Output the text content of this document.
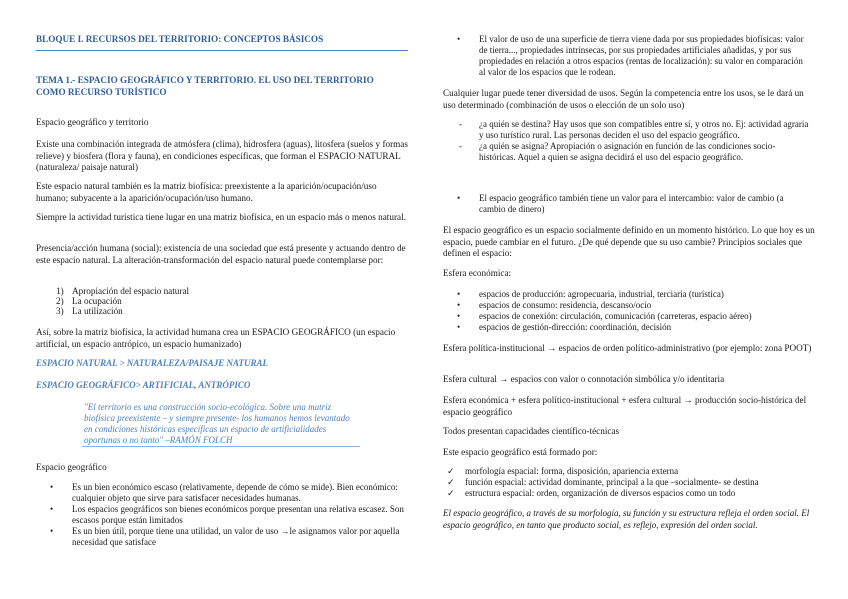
BLOQUE I. RECURSOS DEL TERRITORIO: CONCEPTOS BÁSICOS
TEMA 1.- ESPACIO GEOGRÁFICO Y TERRITORIO. EL USO DEL TERRITORIO COMO RECURSO TURÍSTICO
Espacio geográfico y territorio
Existe una combinación integrada de atmósfera (clima), hidrosfera (aguas), litosfera (suelos y formas relieve) y biosfera (flora y fauna), en condiciones específicas, que forman el ESPACIO NATURAL (naturaleza/ paisaje natural)
Este espacio natural también es la matriz biofísica: preexistente a la aparición/ocupación/uso humano; subyacente a la aparición/ocupación/uso humano.
Siempre la actividad turística tiene lugar en una matriz biofísica, en un espacio más o menos natural.
Presencia/acción humana (social): existencia de una sociedad que está presente y actuando dentro de este espacio natural. La alteración-transformación del espacio natural puede contemplarse por:
1) Apropiación del espacio natural
2) La ocupación
3) La utilización
Así, sobre la matriz biofísica, la actividad humana crea un ESPACIO GEOGRÁFICO (un espacio artificial, un espacio antrópico, un espacio humanizado)
ESPACIO NATURAL > NATURALEZA/PAISAJE NATURAL
ESPACIO GEOGRÁFICO> ARTIFICIAL, ANTRÓPICO
"El territorio es una construcción socio-ecológica. Sobre una matriz biofísica preexistente – y siempre presente- los humanos hemos levantado en condiciones históricas específicas un espacio de artificialidades oportunas o no tanto" –RAMÓN FOLCH
Espacio geográfico
• Es un bien económico escaso (relativamente, depende de cómo se mide). Bien económico: cualquier objeto que sirve para satisfacer necesidades humanas.
• Los espacios geográficos son bienes económicos porque presentan una relativa escasez. Son escasos porque están limitados
• Es un bien útil, porque tiene una utilidad, un valor de uso →le asignamos valor por aquella necesidad que satisface
• El valor de uso de una superficie de tierra viene dada por sus propiedades biofísicas: valor de tierra..., propiedades intrínsecas, por sus propiedades artificiales añadidas, y por sus propiedades en relación a otros espacios (rentas de localización): su valor en comparación al valor de los espacios que le rodean.
Cualquier lugar puede tener diversidad de usos. Según la competencia entre los usos, se le dará un uso determinado (combinación de usos o elección de un solo uso)
- ¿a quién se destina? Hay usos que son compatibles entre sí, y otros no. Ej: actividad agraria y uso turístico rural. Las personas deciden el uso del espacio geográfico.
- ¿a quién se asigna? Apropiación o asignación en función de las condiciones socio-históricas. Aquel a quien se asigna decidirá el uso del espacio geográfico.
• El espacio geográfico también tiene un valor para el intercambio: valor de cambio (a cambio de dinero)
El espacio geográfico es un espacio socialmente definido en un momento histórico. Lo que hoy es un espacio, puede cambiar en el futuro. ¿De qué depende que su uso cambie? Principios sociales que definen el espacio:
Esfera económica:
• espacios de producción: agropecuaria, industrial, terciaria (turística)
• espacios de consumo: residencia, descanso/ocio
• espacios de conexión: circulación, comunicación (carreteras, espacio aéreo)
• espacios de gestión-dirección: coordinación, decisión
Esfera política-institucional → espacios de orden político-administrativo (por ejemplo: zona POOT)
Esfera cultural → espacios con valor o connotación simbólica y/o identitaria
Esfera económica + esfera político-institucional + esfera cultural → producción socio-histórica del espacio geográfico
Todos presentan capacidades científico-técnicas
Este espacio geográfico está formado por:
✓ morfología espacial: forma, disposición, apariencia externa
✓ función espacial: actividad dominante, principal a la que –socialmente- se destina
✓ estructura espacial: orden, organización de diversos espacios como un todo
El espacio geográfico, a través de su morfología, su función y su estructura refleja el orden social. El espacio geográfico, en tanto que producto social, es reflejo, expresión del orden social.
